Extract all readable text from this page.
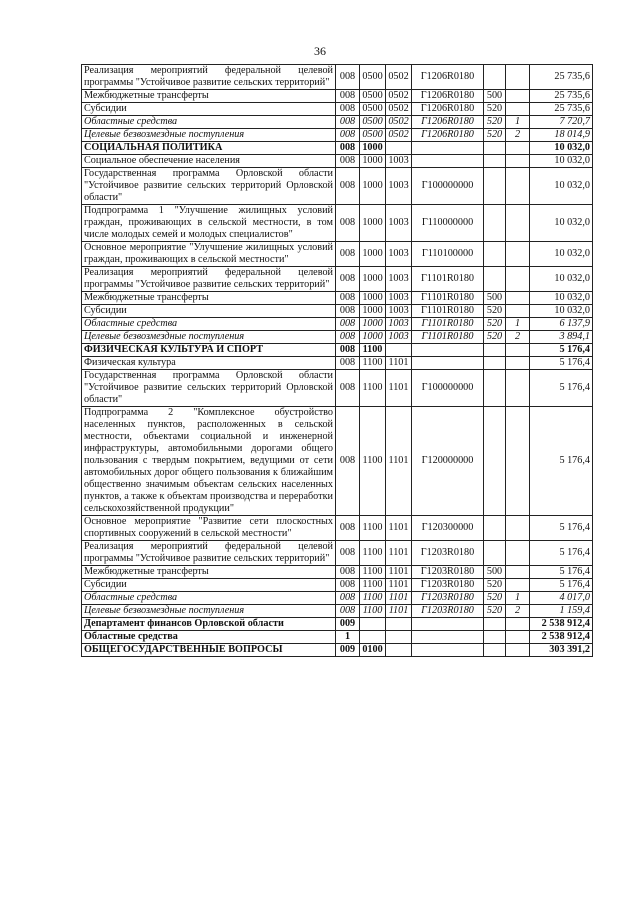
36
Реализация мероприятий федеральной целевой программы "Устойчивое развитие сельских территорий"	008	0500	0502	Г1206R0180			25 735,6
Межбюджетные трансферты	008	0500	0502	Г1206R0180	500		25 735,6
Субсидии	008	0500	0502	Г1206R0180	520		25 735,6
Областные средства	008	0500	0502	Г1206R0180	520	1	7 720,7
Целевые безвозмездные поступления	008	0500	0502	Г1206R0180	520	2	18 014,9
СОЦИАЛЬНАЯ ПОЛИТИКА	008	1000					10 032,0
Социальное обеспечение населения	008	1000	1003				10 032,0
Государственная программа Орловской области "Устойчивое развитие сельских территорий Орловской области"	008	1000	1003	Г100000000			10 032,0
Подпрограмма 1 "Улучшение жилищных условий граждан, проживающих в сельской местности, в том числе молодых семей и молодых специалистов"	008	1000	1003	Г110000000			10 032,0
Основное мероприятие "Улучшение жилищных условий граждан, проживающих в сельской местности"	008	1000	1003	Г110100000			10 032,0
Реализация мероприятий федеральной целевой программы "Устойчивое развитие сельских территорий"	008	1000	1003	Г1101R0180			10 032,0
Межбюджетные трансферты	008	1000	1003	Г1101R0180	500		10 032,0
Субсидии	008	1000	1003	Г1101R0180	520		10 032,0
Областные средства	008	1000	1003	Г1101R0180	520	1	6 137,9
Целевые безвозмездные поступления	008	1000	1003	Г1101R0180	520	2	3 894,1
ФИЗИЧЕСКАЯ КУЛЬТУРА И СПОРТ	008	1100					5 176,4
Физическая культура	008	1100	1101				5 176,4
Государственная программа Орловской области "Устойчивое развитие сельских территорий Орловской области"	008	1100	1101	Г100000000			5 176,4
Подпрограмма 2 "Комплексное обустройство населенных пунктов, расположенных в сельской местности, объектами социальной и инженерной инфраструктуры, автомобильными дорогами общего пользования с твердым покрытием, ведущими от сети автомобильных дорог общего пользования к ближайшим общественно значимым объектам сельских населенных пунктов, а также к объектам производства и переработки сельскохозяйственной продукции"	008	1100	1101	Г120000000			5 176,4
Основное мероприятие "Развитие сети плоскостных спортивных сооружений в сельской местности"	008	1100	1101	Г120300000			5 176,4
Реализация мероприятий федеральной целевой программы "Устойчивое развитие сельских территорий"	008	1100	1101	Г1203R0180			5 176,4
Межбюджетные трансферты	008	1100	1101	Г1203R0180	500		5 176,4
Субсидии	008	1100	1101	Г1203R0180	520		5 176,4
Областные средства	008	1100	1101	Г1203R0180	520	1	4 017,0
Целевые безвозмездные поступления	008	1100	1101	Г1203R0180	520	2	1 159,4
Департамент финансов Орловской области	009						2 538 912,4
Областные средства	1						2 538 912,4
ОБЩЕГОСУДАРСТВЕННЫЕ ВОПРОСЫ	009	0100					303 391,2
